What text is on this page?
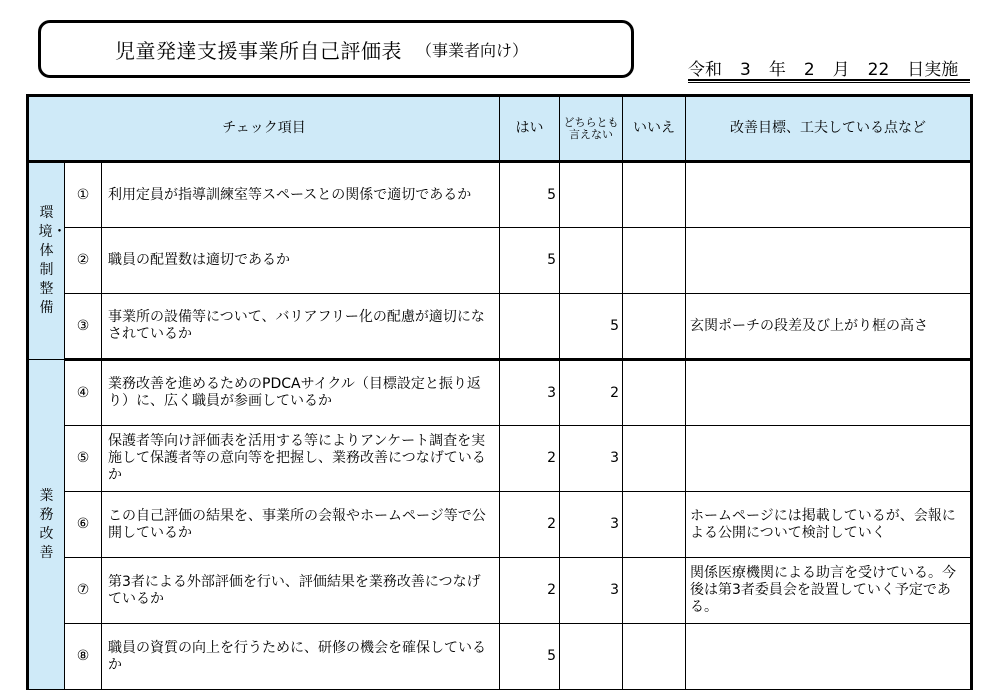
児童発達支援事業所自己評価表 （事業者向け）
令和 3 年 2 月 22 日実施
チェック項目			はい	どちらとも言えない	いいえ	改善目標、工夫している点など
環境・体制整備	①	利用定員が指導訓練室等スペースとの関係で適切であるか	5			
	②	職員の配置数は適切であるか	5			
	③	事業所の設備等について、バリアフリー化の配慮が適切になされているか		5		玄関ポーチの段差及び上がり框の高さ
業務改善	④	業務改善を進めるためのPDCAサイクル（目標設定と振り返り）に、広く職員が参画しているか	3	2		
	⑤	保護者等向け評価表を活用する等によりアンケート調査を実施して保護者等の意向等を把握し、業務改善につなげているか	2	3		
	⑥	この自己評価の結果を、事業所の会報やホームページ等で公開しているか	2	3		ホームページには掲載しているが、会報による公開について検討していく
	⑦	第3者による外部評価を行い、評価結果を業務改善につなげているか	2	3		関係医療機関による助言を受けている。今後は第3者委員会を設置していく予定である。
	⑧	職員の資質の向上を行うために、研修の機会を確保しているか	5			
